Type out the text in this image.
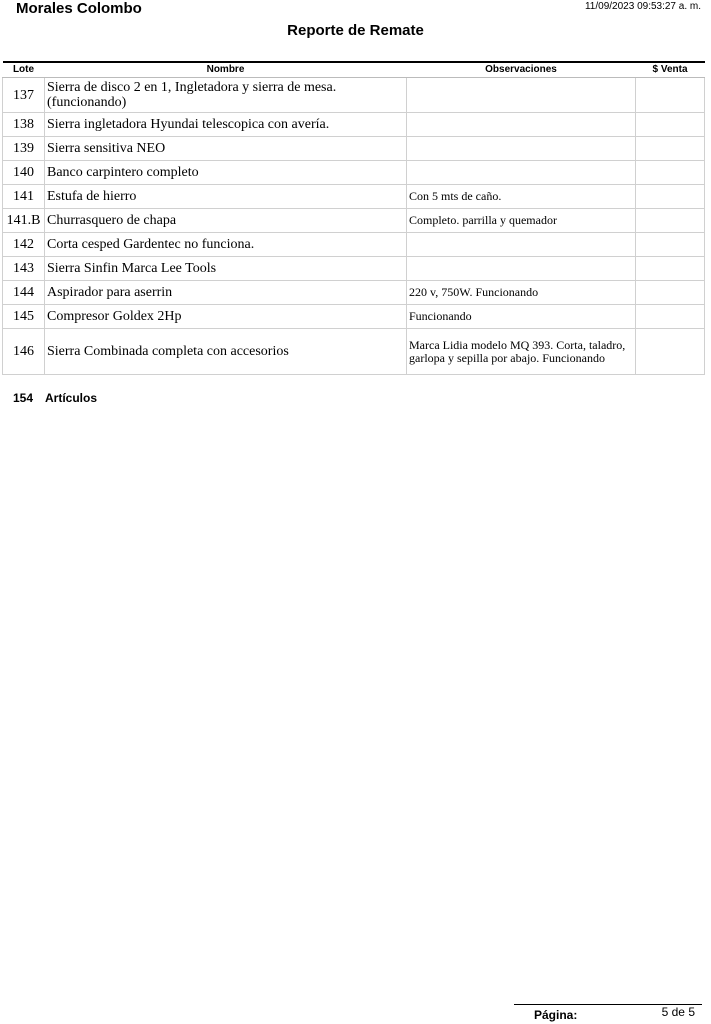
Morales Colombo	11/09/2023 09:53:27 a. m.
Reporte de Remate
Lote	Nombre	Observaciones	$ Venta
137	Sierra de disco 2 en 1, Ingletadora y sierra de mesa. (funcionando)		
138	Sierra ingletadora Hyundai telescopica con avería.		
139	Sierra sensitiva NEO		
140	Banco carpintero completo		
141	Estufa de hierro	Con 5 mts de caño.	
141.B	Churrasquero de chapa	Completo. parrilla y quemador	
142	Corta cesped Gardentec no funciona.		
143	Sierra Sinfin Marca Lee Tools		
144	Aspirador para aserrin	220 v, 750W. Funcionando	
145	Compresor Goldex 2Hp	Funcionando	
146	Sierra Combinada completa con accesorios	Marca Lidia modelo MQ 393. Corta, taladro, garlopa y sepilla por abajo. Funcionando	
154 Artículos
Página:	5 de 5
